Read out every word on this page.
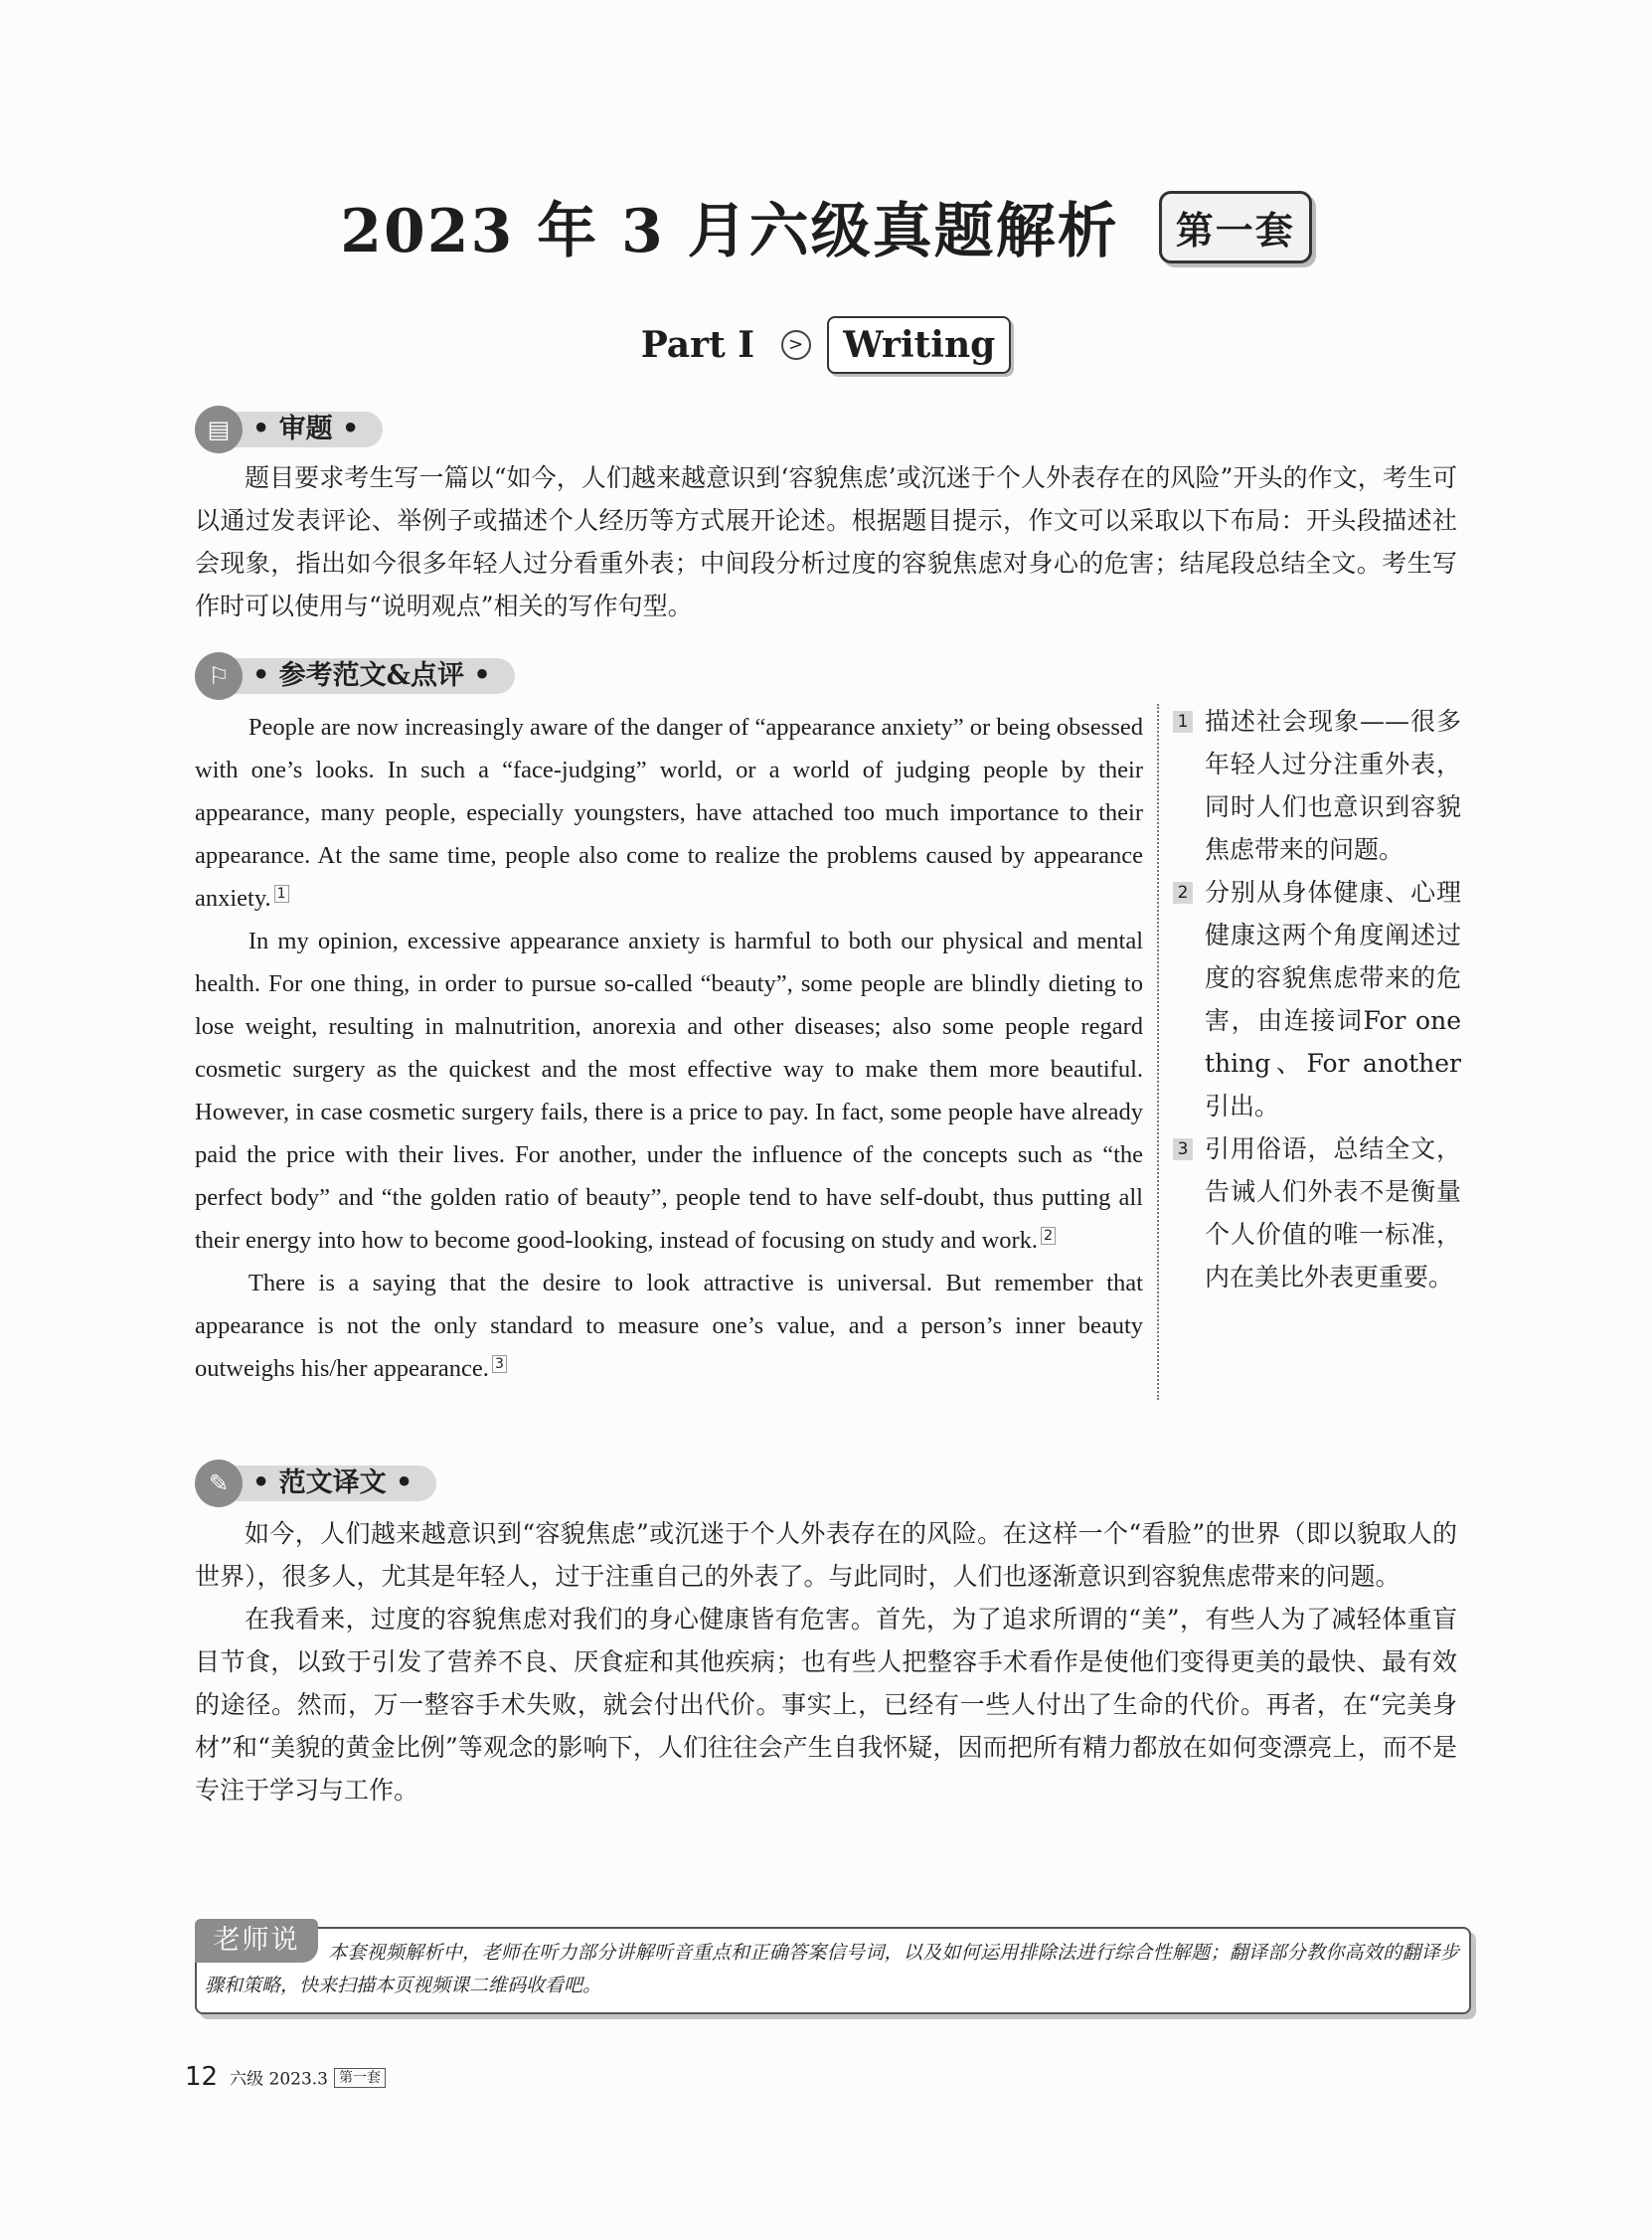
2023 年 3 月六级真题解析 第一套
Part I > Writing
• 审题 •
▤

题目要求考生写一篇以“如今，人们越来越意识到‘容貌焦虑’或沉迷于个人外表存在的风险”开头的作文，考生可以通过发表评论、举例子或描述个人经历等方式展开论述。根据题目提示，作文可以采取以下布局：开头段描述社会现象，指出如今很多年轻人过分看重外表；中间段分析过度的容貌焦虑对身心的危害；结尾段总结全文。考生写作时可以使用与“说明观点”相关的写作句型。

• 参考范文&点评 •
⚐

People are now increasingly aware of the danger of “appearance anxiety” or being obsessed with one’s looks. In such a “face-judging” world, or a world of judging people by their appearance, many people, especially youngsters, have attached too much importance to their appearance. At the same time, people also come to realize the problems caused by appearance anxiety. $^1$

In my opinion, excessive appearance anxiety is harmful to both our physical and mental health. For one thing, in order to pursue so-called “beauty”, some people are blindly dieting to lose weight, resulting in malnutrition, anorexia and other diseases; also some people regard cosmetic surgery as the quickest and the most effective way to make them more beautiful. However, in case cosmetic surgery fails, there is a price to pay. In fact, some people have already paid the price with their lives. For another, under the influence of the concepts such as “the perfect body” and “the golden ratio of beauty”, people tend to have self-doubt, thus putting all their energy into how to become good-looking, instead of focusing on study and work. $^2$

There is a saying that the desire to look attractive is universal. But remember that appearance is not the only standard to measure one’s value, and a person’s inner beauty outweighs his/her appearance. $^3$

1 描述社会现象——很多年轻人过分注重外表，同时人们也意识到容貌焦虑带来的问题。
2 分别从身体健康、心理健康这两个角度阐述过度的容貌焦虑带来的危害，由连接词For one thing、For another引出。
3 引用俗语，总结全文，告诫人们外表不是衡量个人价值的唯一标准，内在美比外表更重要。
• 范文译文 •
✎

如今，人们越来越意识到“容貌焦虑”或沉迷于个人外表存在的风险。在这样一个“看脸”的世界（即以貌取人的世界），很多人，尤其是年轻人，过于注重自己的外表了。与此同时，人们也逐渐意识到容貌焦虑带来的问题。

在我看来，过度的容貌焦虑对我们的身心健康皆有危害。首先，为了追求所谓的“美”，有些人为了减轻体重盲目节食，以致于引发了营养不良、厌食症和其他疾病；也有些人把整容手术看作是使他们变得更美的最快、最有效的途径。然而，万一整容手术失败，就会付出代价。事实上，已经有一些人付出了生命的代价。再者，在“完美身材”和“美貌的黄金比例”等观念的影响下，人们往往会产生自我怀疑，因而把所有精力都放在如何变漂亮上，而不是专注于学习与工作。

本套视频解析中，老师在听力部分讲解听音重点和正确答案信号词，以及如何运用排除法进行综合性解题；翻译部分教你高效的翻译步骤和策略，快来扫描本页视频课二维码收看吧。
老师说
12 六级 2023.3 第一套
